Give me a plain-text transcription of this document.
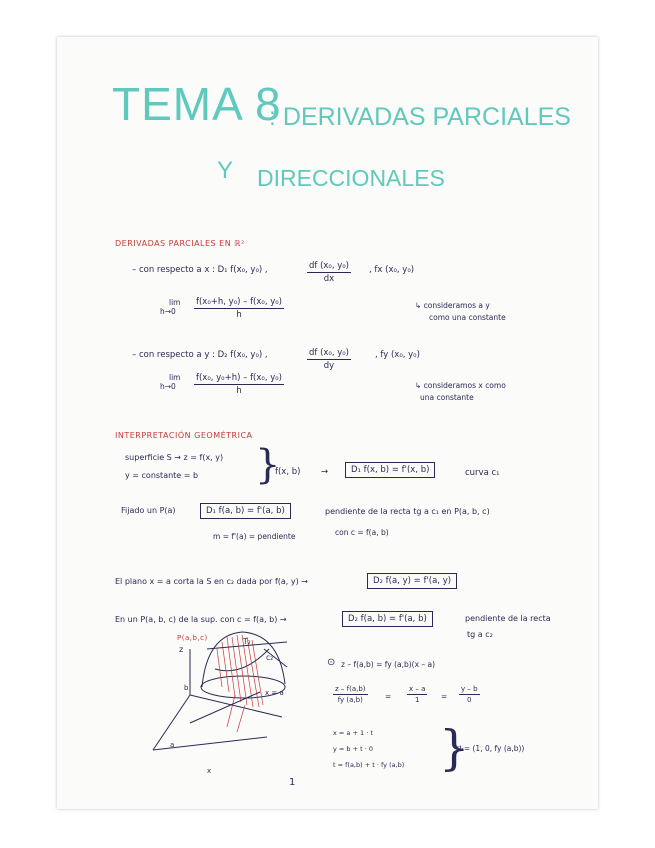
TEMA 8
: DERIVADAS PARCIALES
Y DIRECCIONALES
DERIVADAS PARCIALES EN ℝ²
– con respecto a x : D₁ f(x₀, y₀) ,	$\frac{\text{df (x₀, y₀)}}{dx}$ , fx (x₀, y₀)
lim
$h\to 0 \frac{\text{f(x₀+h, y₀) – f(x₀, y₀)}}{h}$	↳ consideramos a y
como una constante
– con respecto a y : D₂ f(x₀, y₀) ,	$\frac{\text{df (x₀, y₀)}}{dy}$	, fy (x₀, y₀)
lim
$h\to 0 \frac{\text{f(x₀, y₀+h) – f(x₀, y₀)}}{h}$	↳ consideramos x como
una constante
INTERPRETACIÓN GEOMÉTRICA
superficie S → z = f(x, y)
y = constante = b }
f(x, b) →	D₁ f(x, b) = f'(x, b)	curva c₁
Fijado un P(a)	D₁ f(a, b) = f'(a, b)	pendiente de la recta tg a c₁ en P(a, b, c)
m = f'(a) = pendiente	con c = f(a, b)
El plano x = a corta la S en c₂ dada por f(a, y) →	D₂ f(a, y) = f'(a, y)
En un P(a, b, c) de la sup. con c = f(a, b) →	D₂ f(a, b) = f'(a, b)	pendiente de la recta
tg a c₂
P(a,b,c)
z
T₂
c₂
b
x = a
a
x
⊙ z – f(a,b) = fy (a,b)(x – a)
$\frac{z - f(a,b)}{fy (a,b)} = \frac{x - a}{1} = \frac{y - b}{0}$
x = a + 1 · t
y = b + t · 0
t = f(a,b) + t · fy (a,b) }
v⃗ = (1, 0, fy (a,b))
1
